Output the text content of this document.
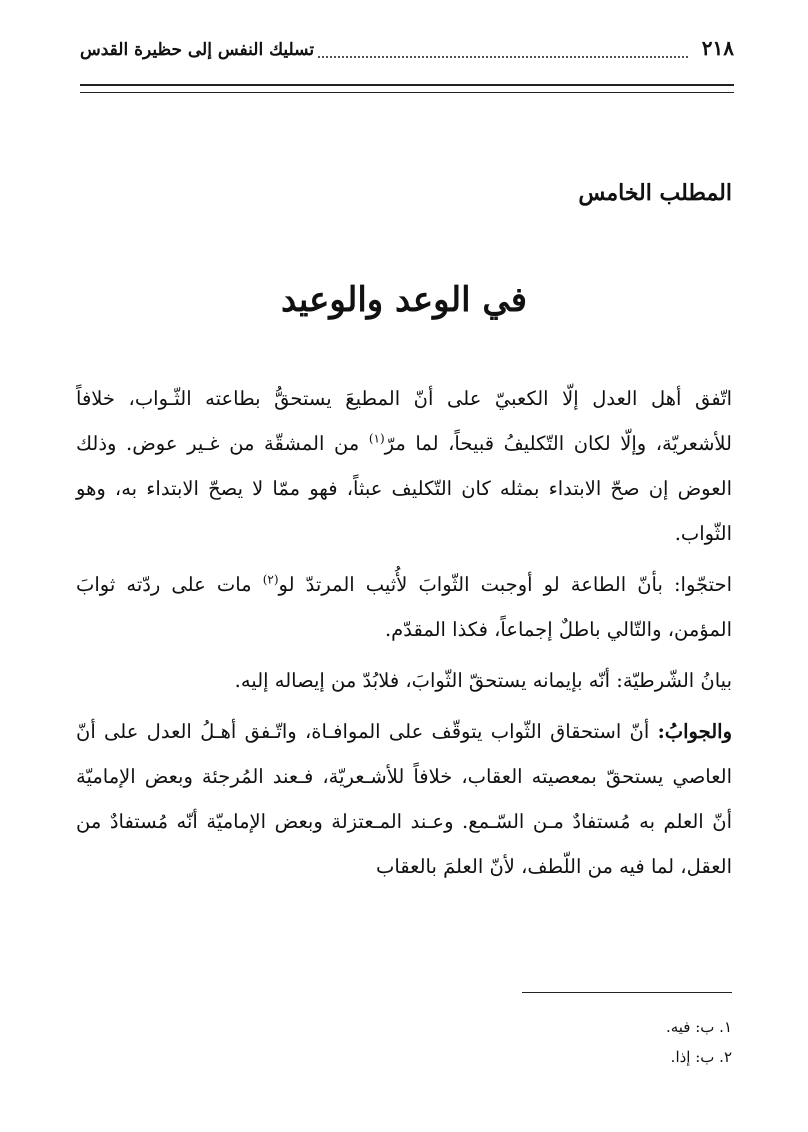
٢١٨
تسليك النفس إلى حظيرة القدس
المطلب الخامس
في الوعد والوعيد

اتّفق أهل العدل إلّا الكعبيّ على أنّ المطيعَ يستحقُّ بطاعته الثّـواب، خلافاً للأشعريّة، وإلّا لكان التّكليفُ قبيحاً، لما مرّ$^{(١)}$ من المشقّة من غـير عوض. وذلك العوض إن صحّ الابتداء بمثله كان التّكليف عبثاً، فهو ممّا لا يصحّ الابتداء به، وهو الثّواب.

احتجّوا: بأنّ الطاعة لو أوجبت الثّوابَ لأُثيب المرتدّ لو$^{(٢)}$ مات على ردّته ثوابَ المؤمن، والتّالي باطلٌ إجماعاً، فكذا المقدّم.

بيانُ الشّرطيّة: أنّه بإيمانه يستحقّ الثّوابَ، فلابُدّ من إيصاله إليه.

والجوابُ: أنّ استحقاق الثّواب يتوقّف على الموافـاة، واتّـفق أهـلُ العدل على أنّ العاصي يستحقّ بمعصيته العقاب، خلافاً للأشـعريّة، فـعند المُرجئة وبعض الإماميّة أنّ العلم به مُستفادٌ مـن السّـمع. وعـند المـعتزلة وبعض الإماميّة أنّه مُستفادٌ من العقل، لما فيه من اللّطف، لأنّ العلمَ بالعقاب

١. ب: فيه.
٢. ب: إذا.
